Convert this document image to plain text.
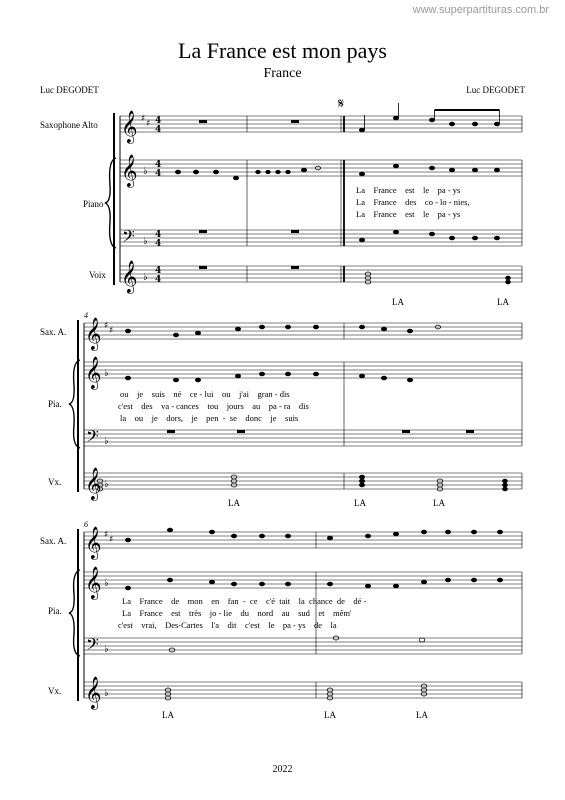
www.superpartituras.com.br
La France est mon pays
France
Luc DEGODET	Luc DEGODET
𝄞
𝄞
𝄢
𝄞
𝄞
𝄞
𝄢
𝄞
𝄞
𝄞
𝄢
𝄞
♯ ♯
♭
♭
♭
♯ ♯
♭
♭
♭
♯ ♯
♭
♭
♭
4
4
4
4
4
4
4
4
𝄋
Saxophone Alto
Piano
Voix
Sax. A.
Pia.
Vx.
Sax. A.
Pia.
Vx.
4
6
La    France    est    le    pa - ys
La    France    des    co - lo - nies,
La    France    est    le    pa - ys
LA	LA
ou    je    suis    né    ce - lui    ou    j'ai    gran - dis
c'est    des    va - cances    tou    jours    au    pa - ra    dis
la    ou    je    dors,    je    pen  -  se    donc    je    suis
LA	LA	LA
La    France    de    mon    en    fan  -  ce    c'é  tait    la  chance  de    dé -
La    France    est    très    jo - lie    du    nord    au    sud    et    mêm'
c'est    vrai,    Des-Cartes    l'a    dit    c'est    le    pa - ys    de    la
LA	LA	LA
2022
